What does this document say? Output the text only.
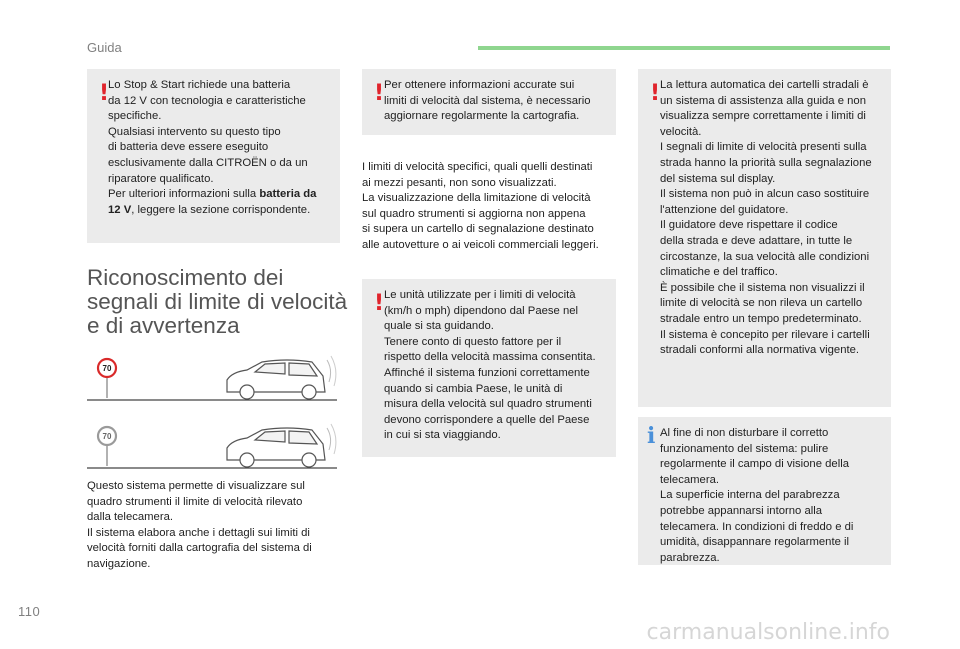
Guida
!

Lo Stop & Start richiede una batteria

da 12 V con tecnologia e caratteristiche

specifiche.

Qualsiasi intervento su questo tipo

di batteria deve essere eseguito

esclusivamente dalla CITROËN o da un

riparatore qualificato.

Per ulteriori informazioni sulla batteria da

12 V, leggere la sezione corrispondente.

Riconoscimento dei
segnali di limite di velocità
e di avvertenza
70
70

Questo sistema permette di visualizzare sul

quadro strumenti il limite di velocità rilevato

dalla telecamera.

Il sistema elabora anche i dettagli sui limiti di

velocità forniti dalla cartografia del sistema di

navigazione.

! Per ottenere informazioni accurate sui

limiti di velocità dal sistema, è necessario

aggiornare regolarmente la cartografia.

I limiti di velocità specifici, quali quelli destinati

ai mezzi pesanti, non sono visualizzati.

La visualizzazione della limitazione di velocità

sul quadro strumenti si aggiorna non appena

si supera un cartello di segnalazione destinato

alle autovetture o ai veicoli commerciali leggeri.

! Le unità utilizzate per i limiti di velocità

(km/h o mph) dipendono dal Paese nel

quale si sta guidando.

Tenere conto di questo fattore per il

rispetto della velocità massima consentita.

Affinché il sistema funzioni correttamente

quando si cambia Paese, le unità di

misura della velocità sul quadro strumenti

devono corrispondere a quelle del Paese

in cui si sta viaggiando.

! La lettura automatica dei cartelli stradali è

un sistema di assistenza alla guida e non

visualizza sempre correttamente i limiti di

velocità.

I segnali di limite di velocità presenti sulla

strada hanno la priorità sulla segnalazione

del sistema sul display.

Il sistema non può in alcun caso sostituire

l'attenzione del guidatore.

Il guidatore deve rispettare il codice

della strada e deve adattare, in tutte le

circostanze, la sua velocità alle condizioni

climatiche e del traffico.

È possibile che il sistema non visualizzi il

limite di velocità se non rileva un cartello

stradale entro un tempo predeterminato.

Il sistema è concepito per rilevare i cartelli

stradali conformi alla normativa vigente.

i Al fine di non disturbare il corretto

funzionamento del sistema: pulire

regolarmente il campo di visione della

telecamera.

La superficie interna del parabrezza

potrebbe appannarsi intorno alla

telecamera. In condizioni di freddo e di

umidità, disappannare regolarmente il

parabrezza.

110
carmanualsonline.info
